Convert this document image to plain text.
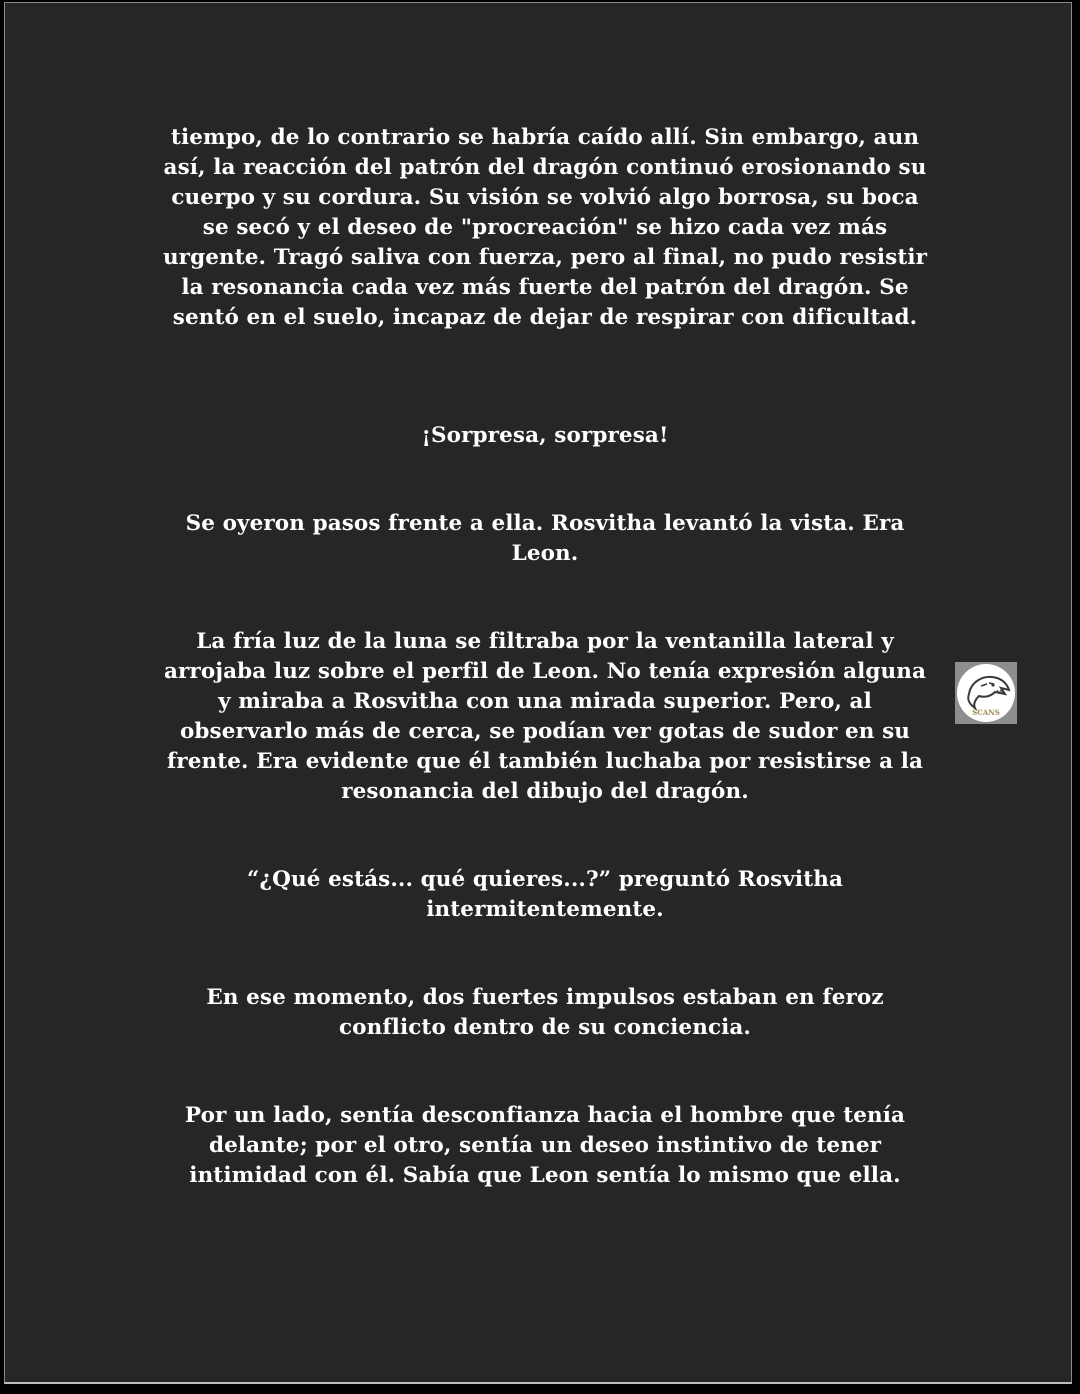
tiempo, de lo contrario se habría caído allí. Sin embargo, aun así, la reacción del patrón del dragón continuó erosionando su cuerpo y su cordura. Su visión se volvió algo borrosa, su boca se secó y el deseo de "procreación" se hizo cada vez más urgente. Tragó saliva con fuerza, pero al final, no pudo resistir la resonancia cada vez más fuerte del patrón del dragón. Se sentó en el suelo, incapaz de dejar de respirar con dificultad.

¡Sorpresa, sorpresa!

Se oyeron pasos frente a ella. Rosvitha levantó la vista. Era Leon.

La fría luz de la luna se filtraba por la ventanilla lateral y arrojaba luz sobre el perfil de Leon. No tenía expresión alguna y miraba a Rosvitha con una mirada superior. Pero, al observarlo más de cerca, se podían ver gotas de sudor en su frente. Era evidente que él también luchaba por resistirse a la resonancia del dibujo del dragón.

“¿Qué estás... qué quieres...?” preguntó Rosvitha intermitentemente.

En ese momento, dos fuertes impulsos estaban en feroz conflicto dentro de su conciencia.

Por un lado, sentía desconfianza hacia el hombre que tenía delante; por el otro, sentía un deseo instintivo de tener intimidad con él. Sabía que Leon sentía lo mismo que ella.

SCANS
